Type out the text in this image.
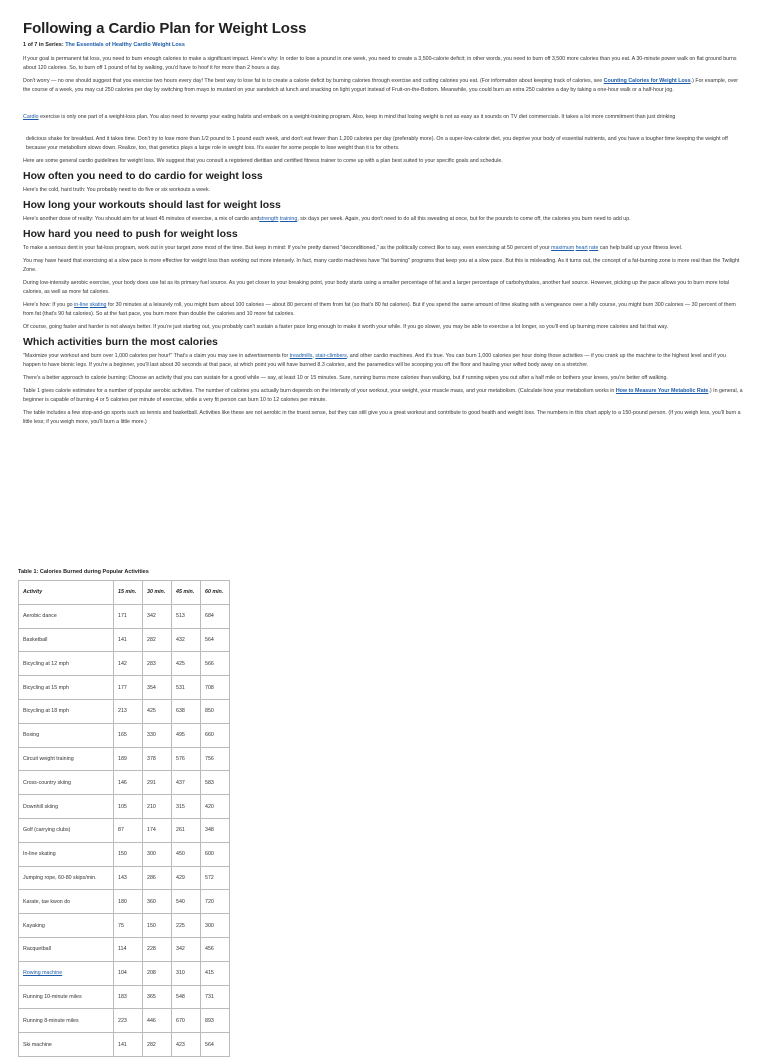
Following a Cardio Plan for Weight Loss
1 of 7 in Series: The Essentials of Healthy Cardio Weight Loss

If your goal is permanent fat loss, you need to burn enough calories to make a significant impact. Here's why: In order to lose a pound in one week, you need to create a 3,500-calorie deficit; in other words, you need to burn off 3,500 more calories than you eat. A 30-minute power walk on flat ground burns about 120 calories. So, to burn off 1 pound of fat by walking, you'd have to hoof it for more than 2 hours a day.

Don't worry — no one should suggest that you exercise two hours every day! The best way to lose fat is to create a calorie deficit by burning calories through exercise and cutting calories you eat. (For information about keeping track of calories, see Counting Calories for Weight Loss.) For example, over the course of a week, you may cut 250 calories per day by switching from mayo to mustard on your sandwich at lunch and snacking on light yogurt instead of Fruit-on-the-Bottom. Meanwhile, you could burn an extra 250 calories a day by taking a one-hour walk or a half-hour jog.

Cardio exercise is only one part of a weight-loss plan. You also need to revamp your eating habits and embark on a weight-training program. Also, keep in mind that losing weight is not as easy as it sounds on TV diet commercials. It takes a lot more commitment than just drinking

delicious shake for breakfast. And it takes time. Don't try to lose more than 1/2 pound to 1 pound each week, and don't eat fewer than 1,200 calories per day (preferably more). On a super-low-calorie diet, you deprive your body of essential nutrients, and you have a tougher time keeping the weight off because your metabolism slows down. Realize, too, that genetics plays a large role in weight loss. It's easier for some people to lose weight than it is for others.

Here are some general cardio guidelines for weight loss. We suggest that you consult a registered dietitian and certified fitness trainer to come up with a plan best suited to your specific goals and schedule.

How often you need to do cardio for weight loss

Here's the cold, hard truth: You probably need to do five or six workouts a week.

How long your workouts should last for weight loss

Here's another dose of reality: You should aim for at least 45 minutes of exercise, a mix of cardio andstrength training, six days per week. Again, you don't need to do all this sweating at once, but for the pounds to come off, the calories you burn need to add up.

How hard you need to push for weight loss

To make a serious dent in your fat-loss program, work out in your target zone most of the time. But keep in mind: If you're pretty darned "deconditioned," as the politically correct like to say, even exercising at 50 percent of your maximum heart rate can help build up your fitness level.

You may have heard that exercising at a slow pace is more effective for weight loss than working out more intensely. In fact, many cardio machines have "fat burning" programs that keep you at a slow pace. But this is misleading. As it turns out, the concept of a fat-burning zone is more real than the Twilight Zone.

During low-intensity aerobic exercise, your body does use fat as its primary fuel source. As you get closer to your breaking point, your body starts using a smaller percentage of fat and a larger percentage of carbohydrates, another fuel source. However, picking up the pace allows you to burn more total calories, as well as more fat calories.

Here's how: If you go in-line skating for 30 minutes at a leisurely roll, you might burn about 100 calories — about 80 percent of them from fat (so that's 80 fat calories). But if you spend the same amount of time skating with a vengeance over a hilly course, you might burn 300 calories — 30 percent of them from fat (that's 90 fat calories). So at the fast pace, you burn more than double the calories and 10 more fat calories.

Of course, going faster and harder is not always better. If you're just starting out, you probably can't sustain a faster pace long enough to make it worth your while. If you go slower, you may be able to exercise a lot longer, so you'll end up burning more calories and fat that way.

Which activities burn the most calories

"Maximize your workout and burn over 1,000 calories per hour!" That's a claim you may see in advertisements for treadmills, stair-climbers, and other cardio machines. And it's true. You can burn 1,000 calories per hour doing those activities — if you crank up the machine to the highest level and if you happen to have bionic legs. If you're a beginner, you'll last about 30 seconds at that pace, at which point you will have burned 8.3 calories, and the paramedics will be scooping you off the floor and hauling your wilted body away on a stretcher.

There's a better approach to calorie burning: Choose an activity that you can sustain for a good while — say, at least 10 or 15 minutes. Sure, running burns more calories than walking, but if running wipes you out after a half mile or bothers your knees, you're better off walking.

Table 1 gives calorie estimates for a number of popular aerobic activities. The number of calories you actually burn depends on the intensity of your workout, your weight, your muscle mass, and your metabolism. (Calculate how your metabolism works in How to Measure Your Metabolic Rate.) In general, a beginner is capable of burning 4 or 5 calories per minute of exercise, while a very fit person can burn 10 to 12 calories per minute.

The table includes a few stop-and-go sports such as tennis and basketball. Activities like these are not aerobic in the truest sense, but they can still give you a great workout and contribute to good health and weight loss. The numbers in this chart apply to a 150-pound person. (If you weigh less, you'll burn a little less; if you weigh more, you'll burn a little more.)

Table 1: Calories Burned during Popular Activities
Activity	15 min.	30 min.	45 min.	60 min.
Aerobic dance	171	342	513	684
Basketball	141	282	432	564
Bicycling at 12 mph	142	283	425	566
Bicycling at 15 mph	177	354	531	708
Bicycling at 18 mph	213	425	638	850
Boxing	165	330	495	660
Circuit weight training	189	378	576	756
Cross-country skiing	146	291	437	583
Downhill skiing	105	210	315	420
Golf (carrying clubs)	87	174	261	348
In-line skating	150	300	450	600
Jumping rope, 60-80 skips/min.	143	286	429	572
Karate, tae kwon do	180	360	540	720
Kayaking	75	150	225	300
Racquetball	114	228	342	456
Rowing machine	104	208	310	415
Running 10-minute miles	183	365	548	731
Running 8-minute miles	223	446	670	893
Ski machine	141	282	423	564
